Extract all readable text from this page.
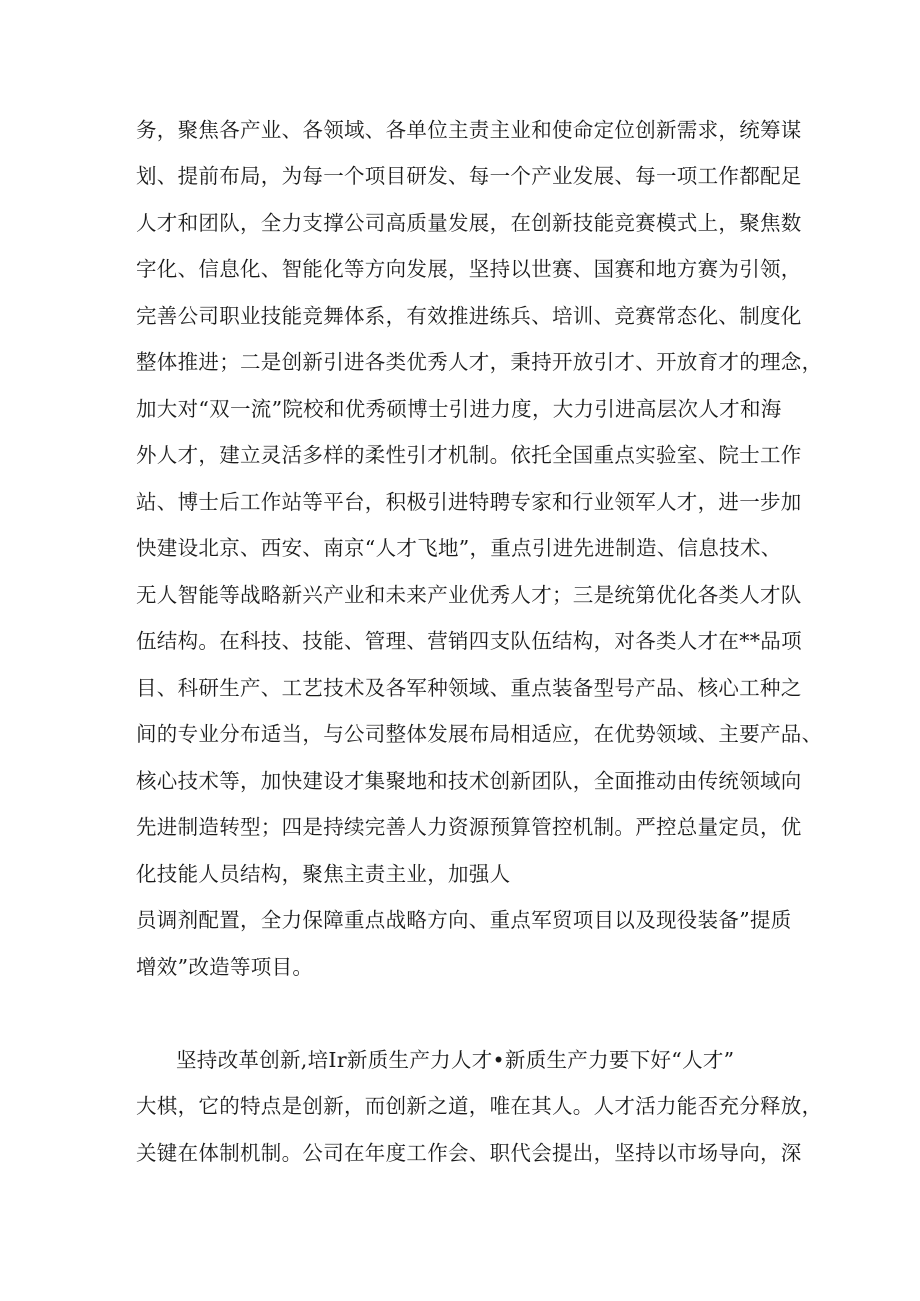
务，聚焦各产业、各领域、各单位主责主业和使命定位创新需求，统筹谋
划、提前布局，为每一个项目研发、每一个产业发展、每一项工作都配足
人才和团队，全力支撑公司高质量发展，在创新技能竞赛模式上，聚焦数
字化、信息化、智能化等方向发展，坚持以世赛、国赛和地方赛为引领，
完善公司职业技能竞舞体系，有效推进练兵、培训、竞赛常态化、制度化
整体推进；二是创新引进各类优秀人才，秉持开放引才、开放育才的理念，
加大对“双一流”院校和优秀硕博士引进力度，大力引进高层次人才和海
外人才，建立灵活多样的柔性引才机制。依托全国重点实验室、院士工作
站、博士后工作站等平台，积极引进特聘专家和行业领军人才，进一步加
快建设北京、西安、南京“人才飞地”，重点引进先进制造、信息技术、
无人智能等战略新兴产业和未来产业优秀人才；三是统第优化各类人才队
伍结构。在科技、技能、管理、营销四支队伍结构，对各类人才在**品项
目、科研生产、工艺技术及各军种领域、重点装备型号产品、核心工种之
间的专业分布适当，与公司整体发展布局相适应，在优势领域、主要产品、
核心技术等，加快建设才集聚地和技术创新团队，全面推动由传统领域向
先进制造转型；四是持续完善人力资源预算管控机制。严控总量定员，优
化技能人员结构，聚焦主责主业，加强人
员调剂配置，全力保障重点战略方向、重点军贸项目以及现役装备”提质
增效”改造等项目。
坚持改革创新,培Ir新质生产力人才•新质生产力要下好“人才”
大棋，它的特点是创新，而创新之道，唯在其人。人才活力能否充分释放，
关键在体制机制。公司在年度工作会、职代会提出，坚持以市场导向，深
